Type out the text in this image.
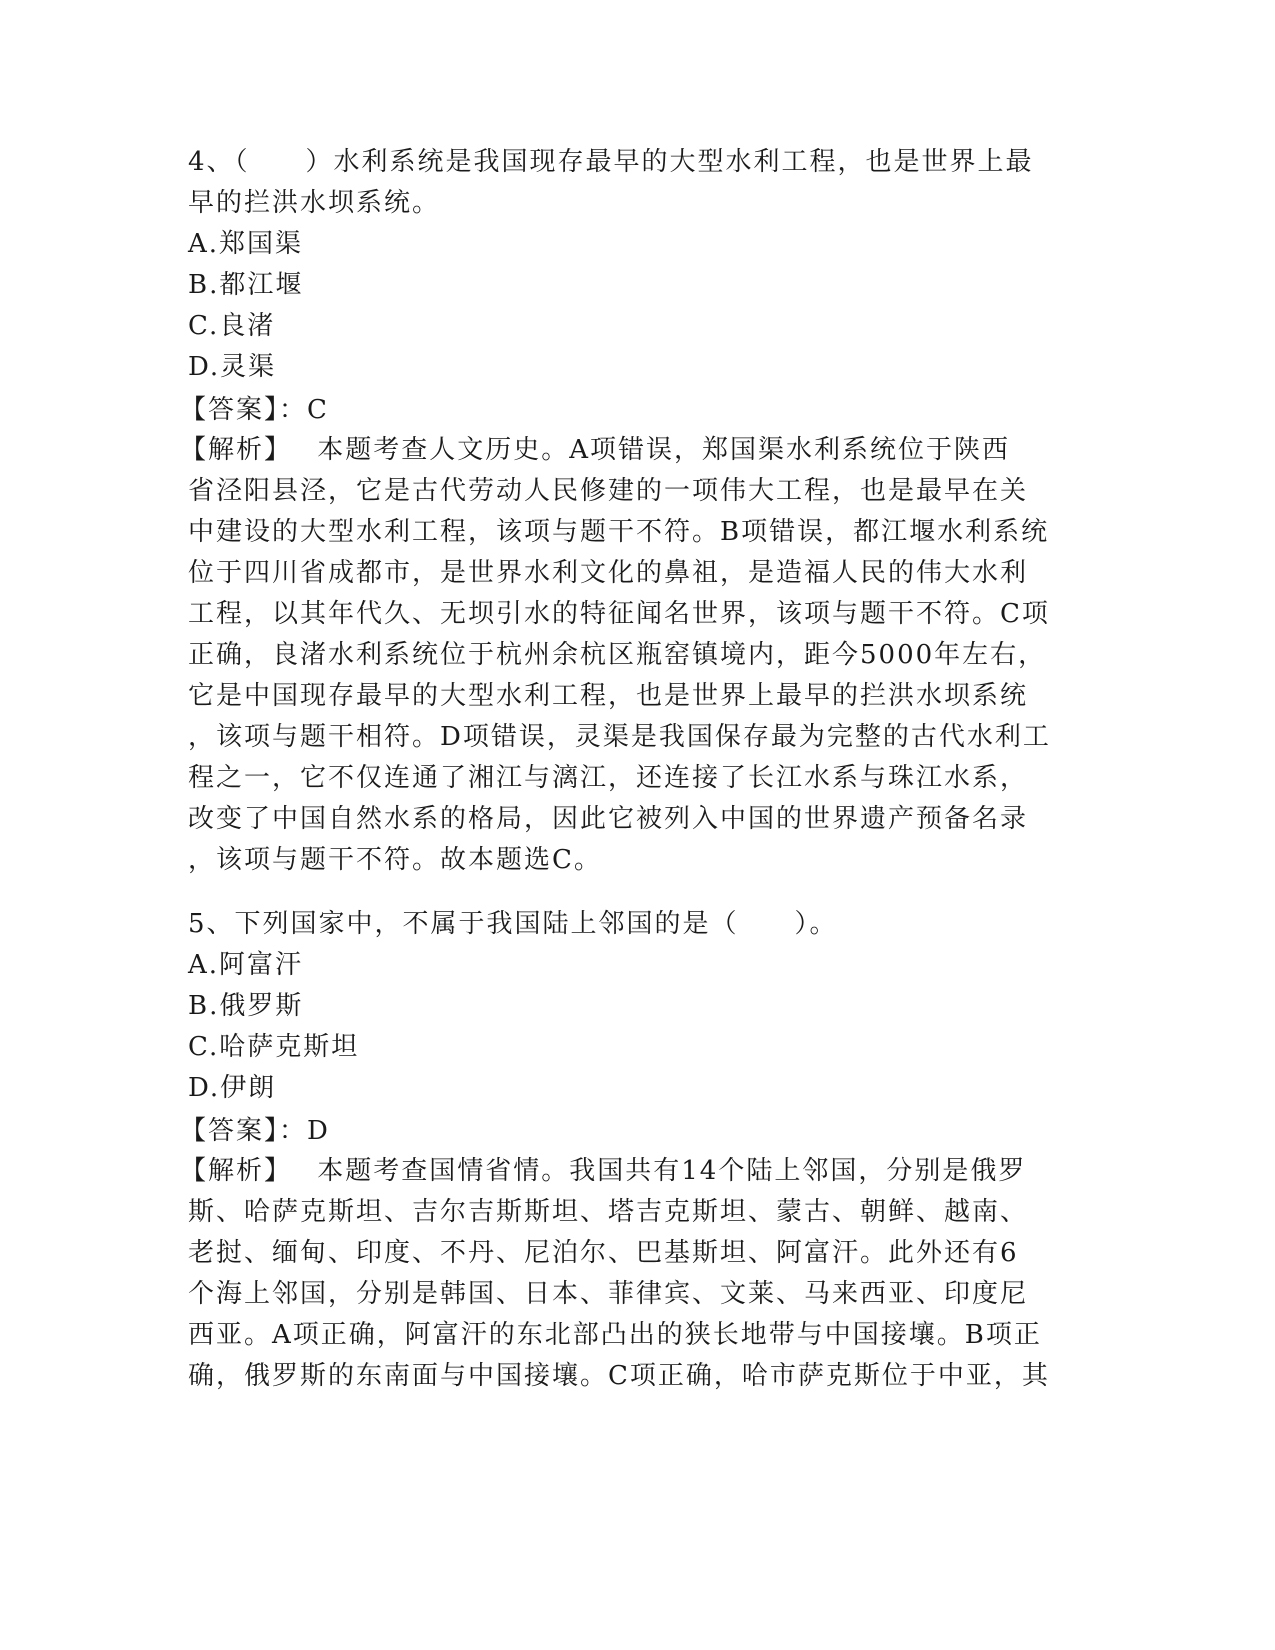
4、（　　）水利系统是我国现存最早的大型水利工程，也是世界上最
早的拦洪水坝系统。
A.郑国渠
B.都江堰
C.良渚
D.灵渠
【答案】：C
【解析】　 本题考查人文历史。A项错误，郑国渠水利系统位于陕西
省泾阳县泾，它是古代劳动人民修建的一项伟大工程，也是最早在关
中建设的大型水利工程，该项与题干不符。B项错误，都江堰水利系统
位于四川省成都市，是世界水利文化的鼻祖，是造福人民的伟大水利
工程，以其年代久、无坝引水的特征闻名世界，该项与题干不符。C项
正确，良渚水利系统位于杭州余杭区瓶窑镇境内，距今5000年左右，
它是中国现存最早的大型水利工程，也是世界上最早的拦洪水坝系统
，该项与题干相符。D项错误，灵渠是我国保存最为完整的古代水利工
程之一，它不仅连通了湘江与漓江，还连接了长江水系与珠江水系，
改变了中国自然水系的格局，因此它被列入中国的世界遗产预备名录
，该项与题干不符。故本题选C。
5、下列国家中，不属于我国陆上邻国的是（　　）。
A.阿富汗
B.俄罗斯
C.哈萨克斯坦
D.伊朗
【答案】：D
【解析】　 本题考查国情省情。我国共有14个陆上邻国，分别是俄罗
斯、哈萨克斯坦、吉尔吉斯斯坦、塔吉克斯坦、蒙古、朝鲜、越南、
老挝、缅甸、印度、不丹、尼泊尔、巴基斯坦、阿富汗。此外还有6
个海上邻国，分别是韩国、日本、菲律宾、文莱、马来西亚、印度尼
西亚。A项正确，阿富汗的东北部凸出的狭长地带与中国接壤。B项正
确，俄罗斯的东南面与中国接壤。C项正确，哈市萨克斯位于中亚，其
